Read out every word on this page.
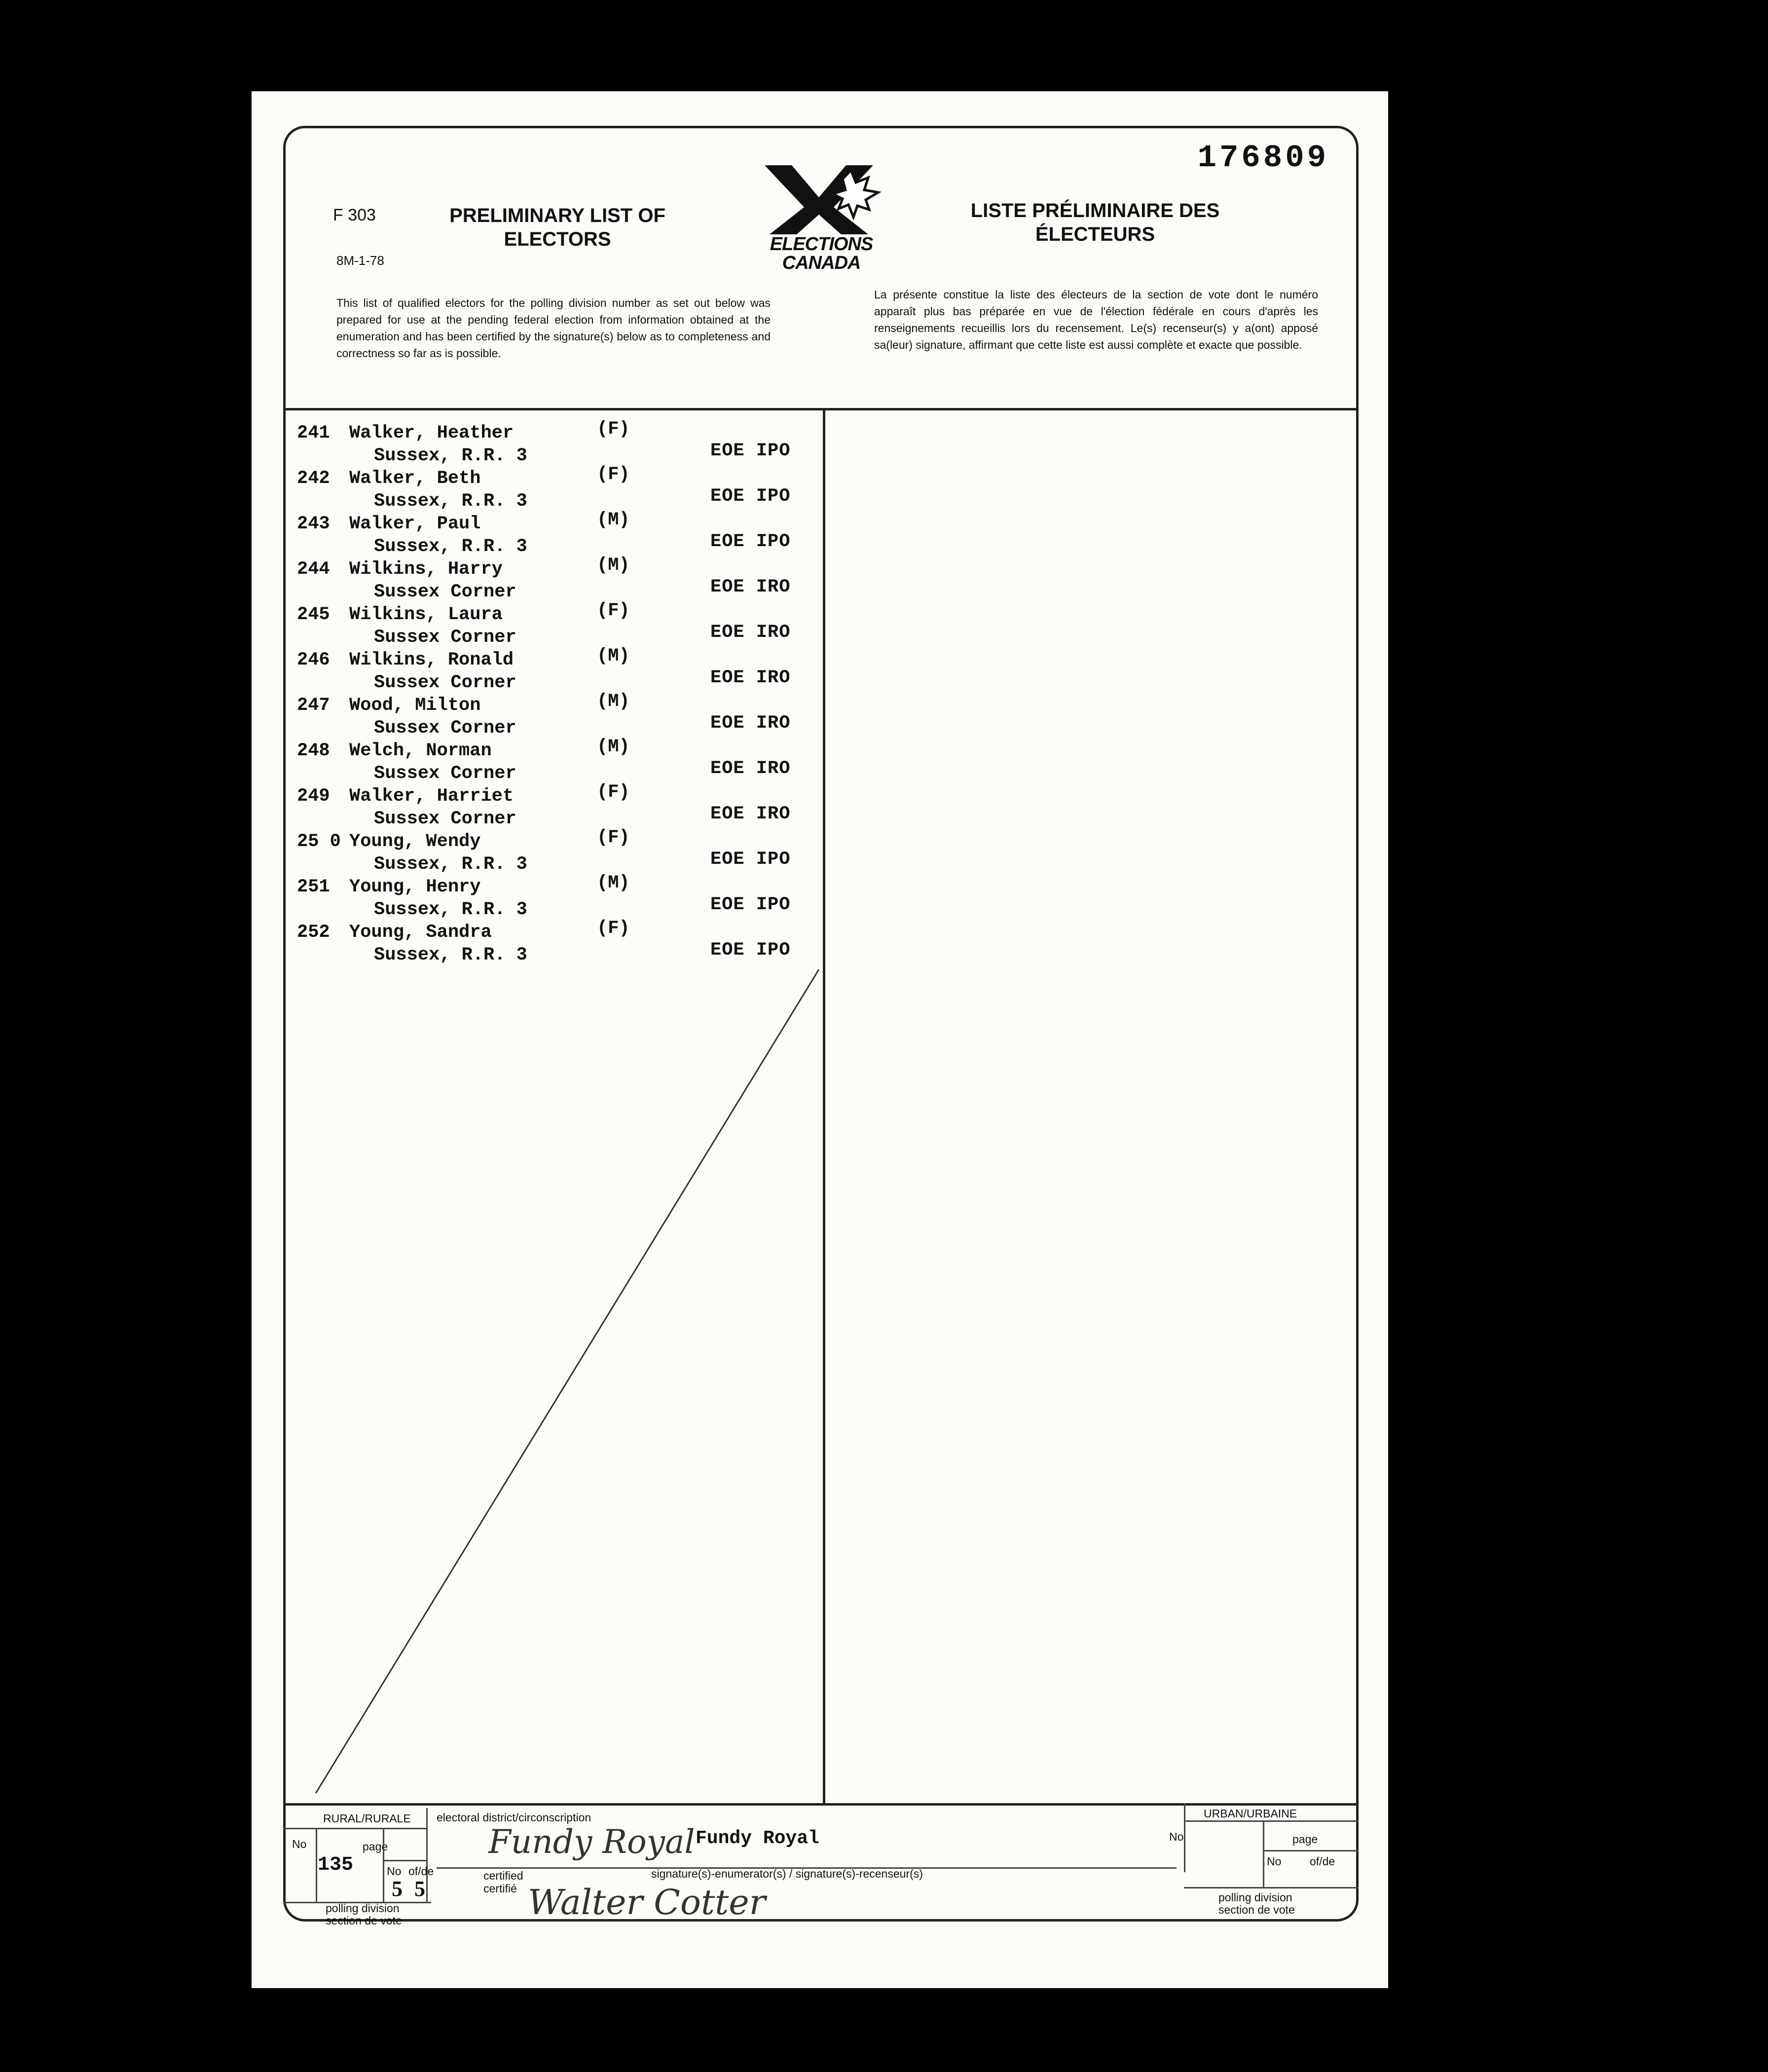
176809
F 303
8M-1-78
PRELIMINARY LIST OF
ELECTORS	ELECTIONS
CANADA
LISTE PRÉLIMINAIRE DES
ÉLECTEURS
This list of qualified electors for the polling division number as set out below was prepared for use at the pending federal election from information obtained at the enumeration and has been certified by the signature(s) below as to completeness and correctness so far as is possible.
La présente constitue la liste des électeurs de la section de vote dont le numéro apparaît plus bas préparée en vue de l'élection fédérale en cours d'après les renseignements recueillis lors du recensement. Le(s) recenseur(s) y a(ont) apposé sa(leur) signature, affirmant que cette liste est aussi complète et exacte que possible.
241 Walker, Heather	(F)
Sussex, R.R. 3	EOE IPO
242 Walker, Beth	(F)
Sussex, R.R. 3	EOE IPO
243 Walker, Paul	(M)
Sussex, R.R. 3	EOE IPO
244 Wilkins, Harry	(M)
Sussex Corner	EOE IRO
245 Wilkins, Laura	(F)
Sussex Corner	EOE IRO
246 Wilkins, Ronald	(M)
Sussex Corner	EOE IRO
247 Wood, Milton	(M)
Sussex Corner	EOE IRO
248 Welch, Norman	(M)
Sussex Corner	EOE IRO
249 Walker, Harriet	(F)
Sussex Corner	EOE IRO
25 0 Young, Wendy	(F)
Sussex, R.R. 3	EOE IPO
251 Young, Henry	(M)
Sussex, R.R. 3	EOE IPO
252 Young, Sandra	(F)
Sussex, R.R. 3	EOE IPO
RURAL/RURALE
No	page
No of/de
135
5 5
polling division
section de vote
electoral district/circonscription
Fundy Royal Fundy Royal
certified
certifié
signature(s)-enumerator(s) / signature(s)-recenseur(s)
Walter Cotter
URBAN/URBAINE
No	page
No	of/de
polling division
section de vote
